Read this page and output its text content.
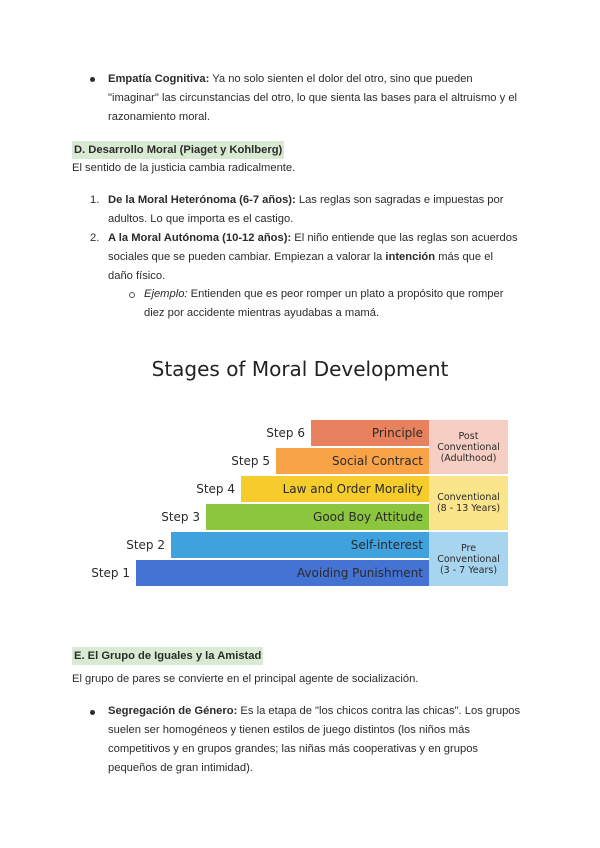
Empatía Cognitiva: Ya no solo sienten el dolor del otro, sino que pueden "imaginar" las circunstancias del otro, lo que sienta las bases para el altruismo y el razonamiento moral.
D. Desarrollo Moral (Piaget y Kohlberg)
El sentido de la justicia cambia radicalmente.
1. De la Moral Heterónoma (6-7 años): Las reglas son sagradas e impuestas por adultos. Lo que importa es el castigo.
2. A la Moral Autónoma (10-12 años): El niño entiende que las reglas son acuerdos sociales que se pueden cambiar. Empiezan a valorar la intención más que el daño físico.
Ejemplo: Entienden que es peor romper un plato a propósito que romper diez por accidente mientras ayudabas a mamá.
Stages of Moral Development
Avoiding Punishment
Step 1
Self-interest
Step 2
Good Boy Attitude
Step 3
Law and Order Morality
Step 4
Social Contract
Step 5
Principle
Step 6	Post
Conventional
(Adulthood)
Conventional
(8 - 13 Years)
Pre
Conventional
(3 - 7 Years)
E. El Grupo de Iguales y la Amistad
El grupo de pares se convierte en el principal agente de socialización.
Segregación de Género: Es la etapa de "los chicos contra las chicas". Los grupos suelen ser homogéneos y tienen estilos de juego distintos (los niños más competitivos y en grupos grandes; las niñas más cooperativas y en grupos pequeños de gran intimidad).
